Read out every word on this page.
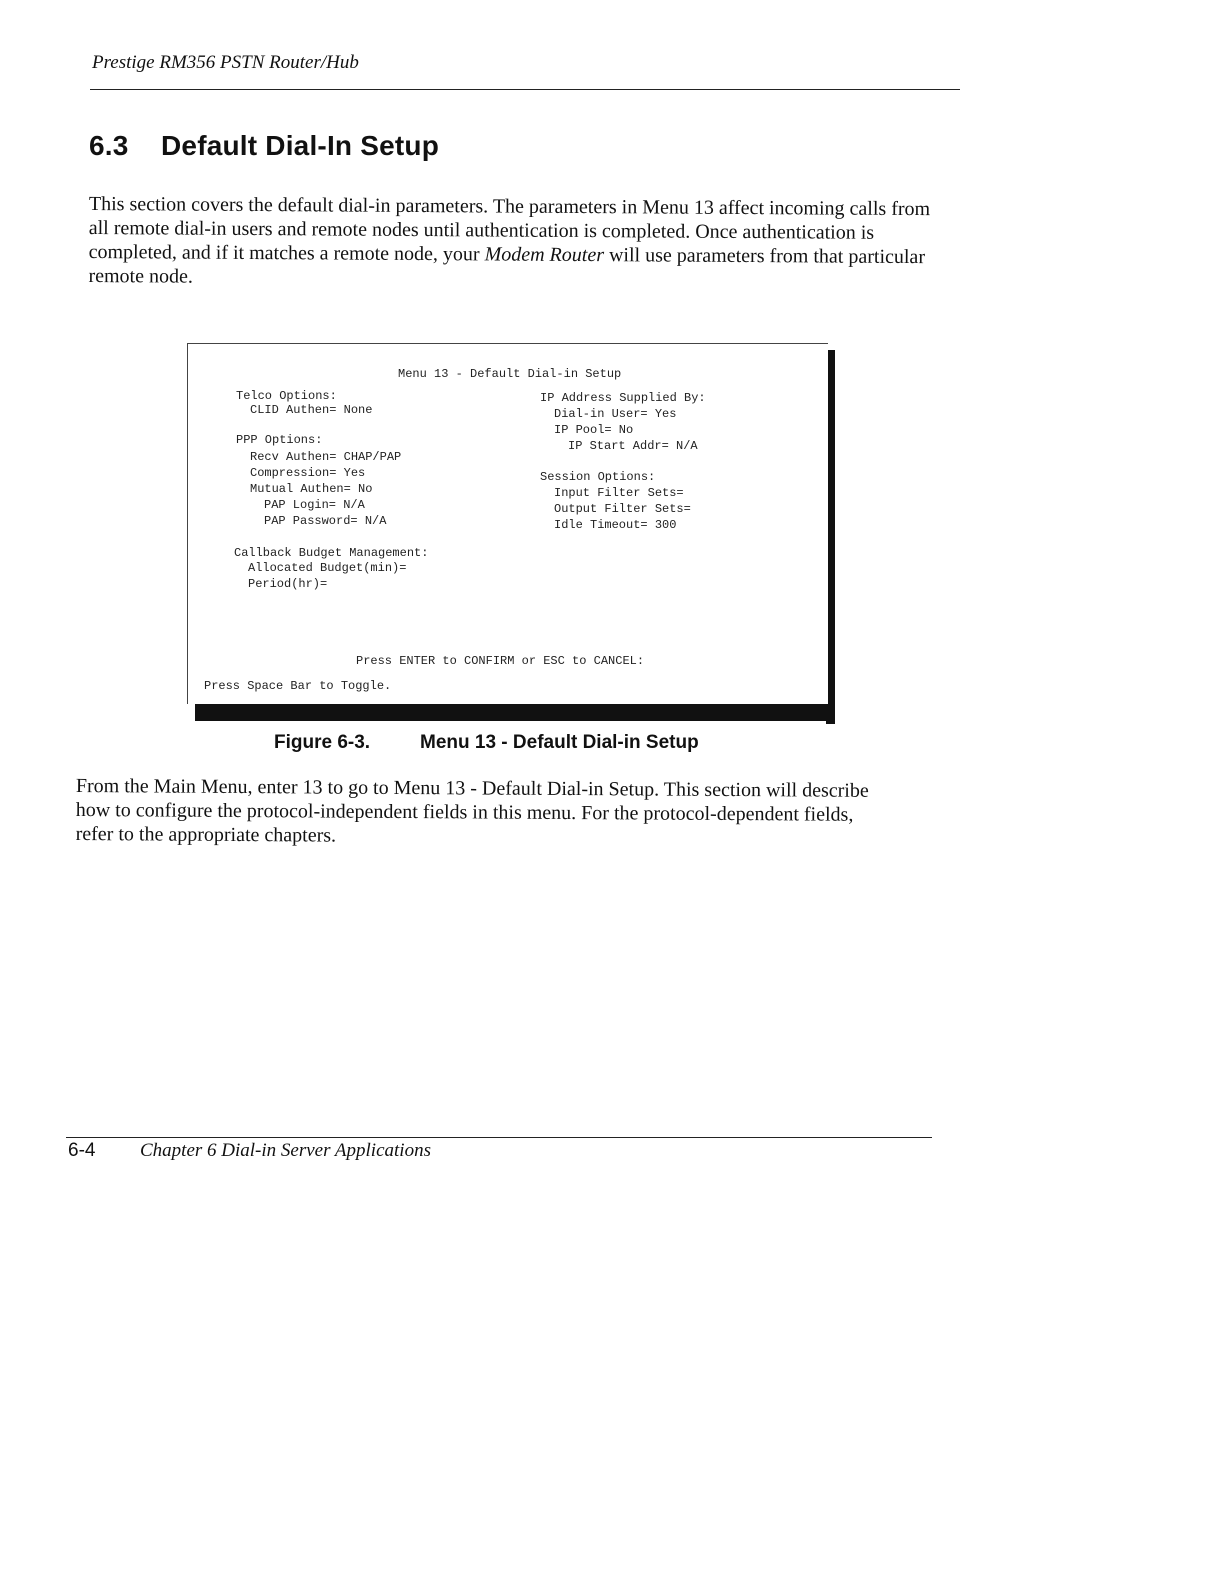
Prestige RM356 PSTN Router/Hub
6.3 Default Dial-In Setup

This section covers the default dial-in parameters. The parameters in Menu 13 affect incoming calls from all remote dial-in users and remote nodes until authentication is completed. Once authentication is completed, and if it matches a remote node, your Modem Router will use parameters from that particular remote node.

Menu 13 - Default Dial-in Setup
Telco Options:
CLID Authen= None
PPP Options:
Recv Authen= CHAP/PAP
Compression= Yes
Mutual Authen= No
PAP Login= N/A
PAP Password= N/A
Callback Budget Management:
Allocated Budget(min)=
Period(hr)=
IP Address Supplied By:
Dial-in User= Yes
IP Pool= No
IP Start Addr= N/A
Session Options:
Input Filter Sets=
Output Filter Sets=
Idle Timeout= 300
Press ENTER to CONFIRM or ESC to CANCEL:
Press Space Bar to Toggle.
Figure 6-3.	Menu 13 - Default Dial-in Setup

From the Main Menu, enter 13 to go to Menu 13 - Default Dial-in Setup. This section will describe how to configure the protocol-independent fields in this menu. For the protocol-dependent fields, refer to the appropriate chapters.

6-4 Chapter 6 Dial-in Server Applications
